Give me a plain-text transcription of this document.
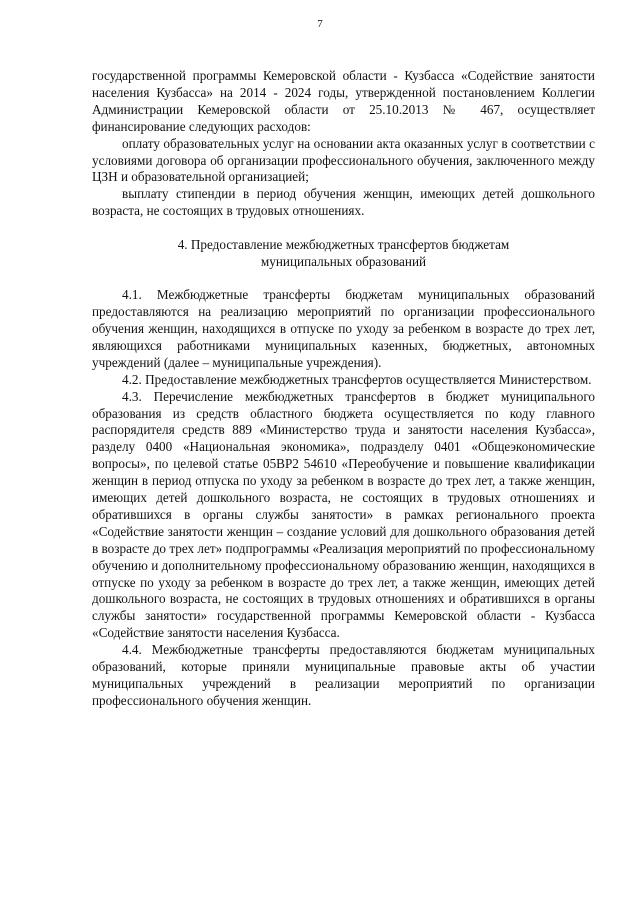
7

государственной программы Кемеровской области - Кузбасса «Содействие занятости населения Кузбасса» на 2014 - 2024 годы, утвержденной постановлением Коллегии Администрации Кемеровской области от 25.10.2013 № 467, осуществляет финансирование следующих расходов:

оплату образовательных услуг на основании акта оказанных услуг в соответствии с условиями договора об организации профессионального обучения, заключенного между ЦЗН и образовательной организацией;

выплату стипендии в период обучения женщин, имеющих детей дошкольного возраста, не состоящих в трудовых отношениях.

4. Предоставление межбюджетных трансфертов бюджетам
муниципальных образований

4.1. Межбюджетные трансферты бюджетам муниципальных образований предоставляются на реализацию мероприятий по организации профессионального обучения женщин, находящихся в отпуске по уходу за ребенком в возрасте до трех лет, являющихся работниками муниципальных казенных, бюджетных, автономных учреждений (далее – муниципальные учреждения).

4.2. Предоставление межбюджетных трансфертов осуществляется Министерством.

4.3. Перечисление межбюджетных трансфертов в бюджет муниципального образования из средств областного бюджета осуществляется по коду главного распорядителя средств 889 «Министерство труда и занятости населения Кузбасса», разделу 0400 «Национальная экономика», подразделу 0401 «Общеэкономические вопросы», по целевой статье 05ВР2 54610 «Переобучение и повышение квалификации женщин в период отпуска по уходу за ребенком в возрасте до трех лет, а также женщин, имеющих детей дошкольного возраста, не состоящих в трудовых отношениях и обратившихся в органы службы занятости» в рамках регионального проекта «Содействие занятости женщин – создание условий для дошкольного образования детей в возрасте до трех лет» подпрограммы «Реализация мероприятий по профессиональному обучению и дополнительному профессиональному образованию женщин, находящихся в отпуске по уходу за ребенком в возрасте до трех лет, а также женщин, имеющих детей дошкольного возраста, не состоящих в трудовых отношениях и обратившихся в органы службы занятости» государственной программы Кемеровской области - Кузбасса «Содействие занятости населения Кузбасса.

4.4. Межбюджетные трансферты предоставляются бюджетам муниципальных образований, которые приняли муниципальные правовые акты об участии муниципальных учреждений в реализации мероприятий по организации профессионального обучения женщин.
